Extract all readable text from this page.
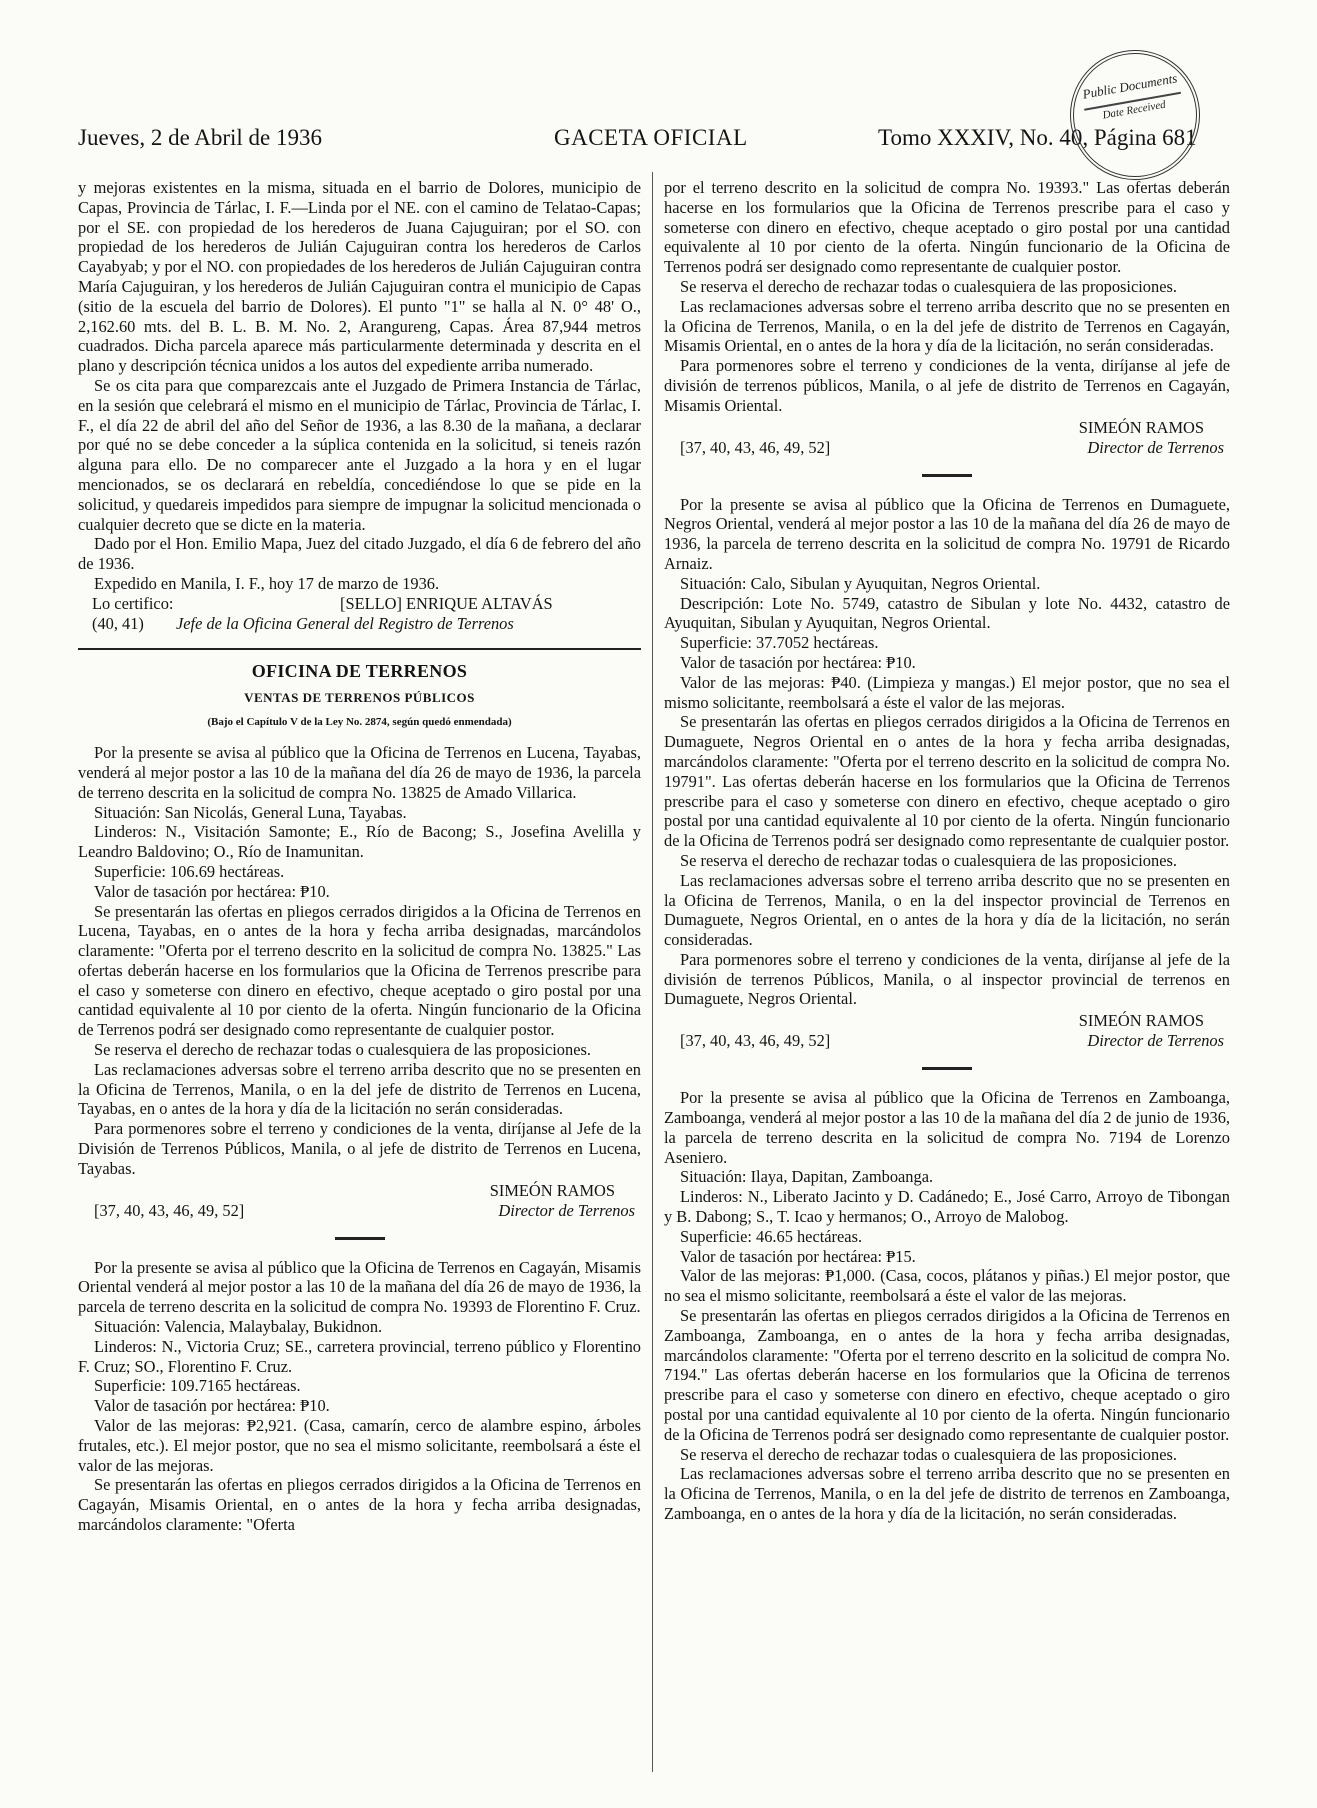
Jueves, 2 de Abril de 1936	GACETA OFICIAL	Tomo XXXIV, No. 40, Página 681
Public Documents
Date Received

y mejoras existentes en la misma, situada en el barrio de Dolores, municipio de Capas, Provincia de Tárlac, I. F.—Linda por el NE. con el camino de Telatao-Capas; por el SE. con propiedad de los herederos de Juana Cajuguiran; por el SO. con propiedad de los herederos de Julián Cajuguiran contra los herederos de Carlos Cayabyab; y por el NO. con propiedades de los herederos de Julián Cajuguiran contra María Cajuguiran, y los herederos de Julián Cajuguiran contra el municipio de Capas (sitio de la escuela del barrio de Dolores). El punto "1" se halla al N. 0° 48' O., 2,162.60 mts. del B. L. B. M. No. 2, Arangureng, Capas. Área 87,944 metros cuadrados. Dicha parcela aparece más particularmente determinada y descrita en el plano y descripción técnica unidos a los autos del expediente arriba numerado.

Se os cita para que comparezcais ante el Juzgado de Primera Instancia de Tárlac, en la sesión que celebrará el mismo en el municipio de Tárlac, Provincia de Tárlac, I. F., el día 22 de abril del año del Señor de 1936, a las 8.30 de la mañana, a declarar por qué no se debe conceder a la súplica contenida en la solicitud, si teneis razón alguna para ello. De no comparecer ante el Juzgado a la hora y en el lugar mencionados, se os declarará en rebeldía, concediéndose lo que se pide en la solicitud, y quedareis impedidos para siempre de impugnar la solicitud mencionada o cualquier decreto que se dicte en la materia.

Dado por el Hon. Emilio Mapa, Juez del citado Juzgado, el día 6 de febrero del año de 1936.

Expedido en Manila, I. F., hoy 17 de marzo de 1936.

Lo certifico:	[SELLO] ENRIQUE ALTAVÁS
(40, 41) Jefe de la Oficina General del Registro de Terrenos
OFICINA DE TERRENOS
VENTAS DE TERRENOS PÚBLICOS
(Bajo el Capítulo V de la Ley No. 2874, según quedó enmendada)

Por la presente se avisa al público que la Oficina de Terrenos en Lucena, Tayabas, venderá al mejor postor a las 10 de la mañana del día 26 de mayo de 1936, la parcela de terreno descrita en la solicitud de compra No. 13825 de Amado Villarica.

Situación: San Nicolás, General Luna, Tayabas.

Linderos: N., Visitación Samonte; E., Río de Bacong; S., Josefina Avelilla y Leandro Baldovino; O., Río de Inamunitan.

Superficie: 106.69 hectáreas.

Valor de tasación por hectárea: ₱10.

Se presentarán las ofertas en pliegos cerrados dirigidos a la Oficina de Terrenos en Lucena, Tayabas, en o antes de la hora y fecha arriba designadas, marcándolos claramente: "Oferta por el terreno descrito en la solicitud de compra No. 13825." Las ofertas deberán hacerse en los formularios que la Oficina de Terrenos prescribe para el caso y someterse con dinero en efectivo, cheque aceptado o giro postal por una cantidad equivalente al 10 por ciento de la oferta. Ningún funcionario de la Oficina de Terrenos podrá ser designado como representante de cualquier postor.

Se reserva el derecho de rechazar todas o cualesquiera de las proposiciones.

Las reclamaciones adversas sobre el terreno arriba descrito que no se presenten en la Oficina de Terrenos, Manila, o en la del jefe de distrito de Terrenos en Lucena, Tayabas, en o antes de la hora y día de la licitación no serán consideradas.

Para pormenores sobre el terreno y condiciones de la venta, diríjanse al Jefe de la División de Terrenos Públicos, Manila, o al jefe de distrito de Terrenos en Lucena, Tayabas.

SIMEÓN RAMOS
[37, 40, 43, 46, 49, 52]	Director de Terrenos

Por la presente se avisa al público que la Oficina de Terrenos en Cagayán, Misamis Oriental venderá al mejor postor a las 10 de la mañana del día 26 de mayo de 1936, la parcela de terreno descrita en la solicitud de compra No. 19393 de Florentino F. Cruz.

Situación: Valencia, Malaybalay, Bukidnon.

Linderos: N., Victoria Cruz; SE., carretera provincial, terreno público y Florentino F. Cruz; SO., Florentino F. Cruz.

Superficie: 109.7165 hectáreas.

Valor de tasación por hectárea: ₱10.

Valor de las mejoras: ₱2,921. (Casa, camarín, cerco de alambre espino, árboles frutales, etc.). El mejor postor, que no sea el mismo solicitante, reembolsará a éste el valor de las mejoras.

Se presentarán las ofertas en pliegos cerrados dirigidos a la Oficina de Terrenos en Cagayán, Misamis Oriental, en o antes de la hora y fecha arriba designadas, marcándolos claramente: "Oferta

por el terreno descrito en la solicitud de compra No. 19393." Las ofertas deberán hacerse en los formularios que la Oficina de Terrenos prescribe para el caso y someterse con dinero en efectivo, cheque aceptado o giro postal por una cantidad equivalente al 10 por ciento de la oferta. Ningún funcionario de la Oficina de Terrenos podrá ser designado como representante de cualquier postor.

Se reserva el derecho de rechazar todas o cualesquiera de las proposiciones.

Las reclamaciones adversas sobre el terreno arriba descrito que no se presenten en la Oficina de Terrenos, Manila, o en la del jefe de distrito de Terrenos en Cagayán, Misamis Oriental, en o antes de la hora y día de la licitación, no serán consideradas.

Para pormenores sobre el terreno y condiciones de la venta, diríjanse al jefe de división de terrenos públicos, Manila, o al jefe de distrito de Terrenos en Cagayán, Misamis Oriental.

SIMEÓN RAMOS
[37, 40, 43, 46, 49, 52]	Director de Terrenos

Por la presente se avisa al público que la Oficina de Terrenos en Dumaguete, Negros Oriental, venderá al mejor postor a las 10 de la mañana del día 26 de mayo de 1936, la parcela de terreno descrita en la solicitud de compra No. 19791 de Ricardo Arnaiz.

Situación: Calo, Sibulan y Ayuquitan, Negros Oriental.

Descripción: Lote No. 5749, catastro de Sibulan y lote No. 4432, catastro de Ayuquitan, Sibulan y Ayuquitan, Negros Oriental.

Superficie: 37.7052 hectáreas.

Valor de tasación por hectárea: ₱10.

Valor de las mejoras: ₱40. (Limpieza y mangas.) El mejor postor, que no sea el mismo solicitante, reembolsará a éste el valor de las mejoras.

Se presentarán las ofertas en pliegos cerrados dirigidos a la Oficina de Terrenos en Dumaguete, Negros Oriental en o antes de la hora y fecha arriba designadas, marcándolos claramente: "Oferta por el terreno descrito en la solicitud de compra No. 19791". Las ofertas deberán hacerse en los formularios que la Oficina de Terrenos prescribe para el caso y someterse con dinero en efectivo, cheque aceptado o giro postal por una cantidad equivalente al 10 por ciento de la oferta. Ningún funcionario de la Oficina de Terrenos podrá ser designado como representante de cualquier postor.

Se reserva el derecho de rechazar todas o cualesquiera de las proposiciones.

Las reclamaciones adversas sobre el terreno arriba descrito que no se presenten en la Oficina de Terrenos, Manila, o en la del inspector provincial de Terrenos en Dumaguete, Negros Oriental, en o antes de la hora y día de la licitación, no serán consideradas.

Para pormenores sobre el terreno y condiciones de la venta, diríjanse al jefe de la división de terrenos Públicos, Manila, o al inspector provincial de terrenos en Dumaguete, Negros Oriental.

SIMEÓN RAMOS
[37, 40, 43, 46, 49, 52]	Director de Terrenos

Por la presente se avisa al público que la Oficina de Terrenos en Zamboanga, Zamboanga, venderá al mejor postor a las 10 de la mañana del día 2 de junio de 1936, la parcela de terreno descrita en la solicitud de compra No. 7194 de Lorenzo Aseniero.

Situación: Ilaya, Dapitan, Zamboanga.

Linderos: N., Liberato Jacinto y D. Cadánedo; E., José Carro, Arroyo de Tibongan y B. Dabong; S., T. Icao y hermanos; O., Arroyo de Malobog.

Superficie: 46.65 hectáreas.

Valor de tasación por hectárea: ₱15.

Valor de las mejoras: ₱1,000. (Casa, cocos, plátanos y piñas.) El mejor postor, que no sea el mismo solicitante, reembolsará a éste el valor de las mejoras.

Se presentarán las ofertas en pliegos cerrados dirigidos a la Oficina de Terrenos en Zamboanga, Zamboanga, en o antes de la hora y fecha arriba designadas, marcándolos claramente: "Oferta por el terreno descrito en la solicitud de compra No. 7194." Las ofertas deberán hacerse en los formularios que la Oficina de terrenos prescribe para el caso y someterse con dinero en efectivo, cheque aceptado o giro postal por una cantidad equivalente al 10 por ciento de la oferta. Ningún funcionario de la Oficina de Terrenos podrá ser designado como representante de cualquier postor.

Se reserva el derecho de rechazar todas o cualesquiera de las proposiciones.

Las reclamaciones adversas sobre el terreno arriba descrito que no se presenten en la Oficina de Terrenos, Manila, o en la del jefe de distrito de terrenos en Zamboanga, Zamboanga, en o antes de la hora y día de la licitación, no serán consideradas.
